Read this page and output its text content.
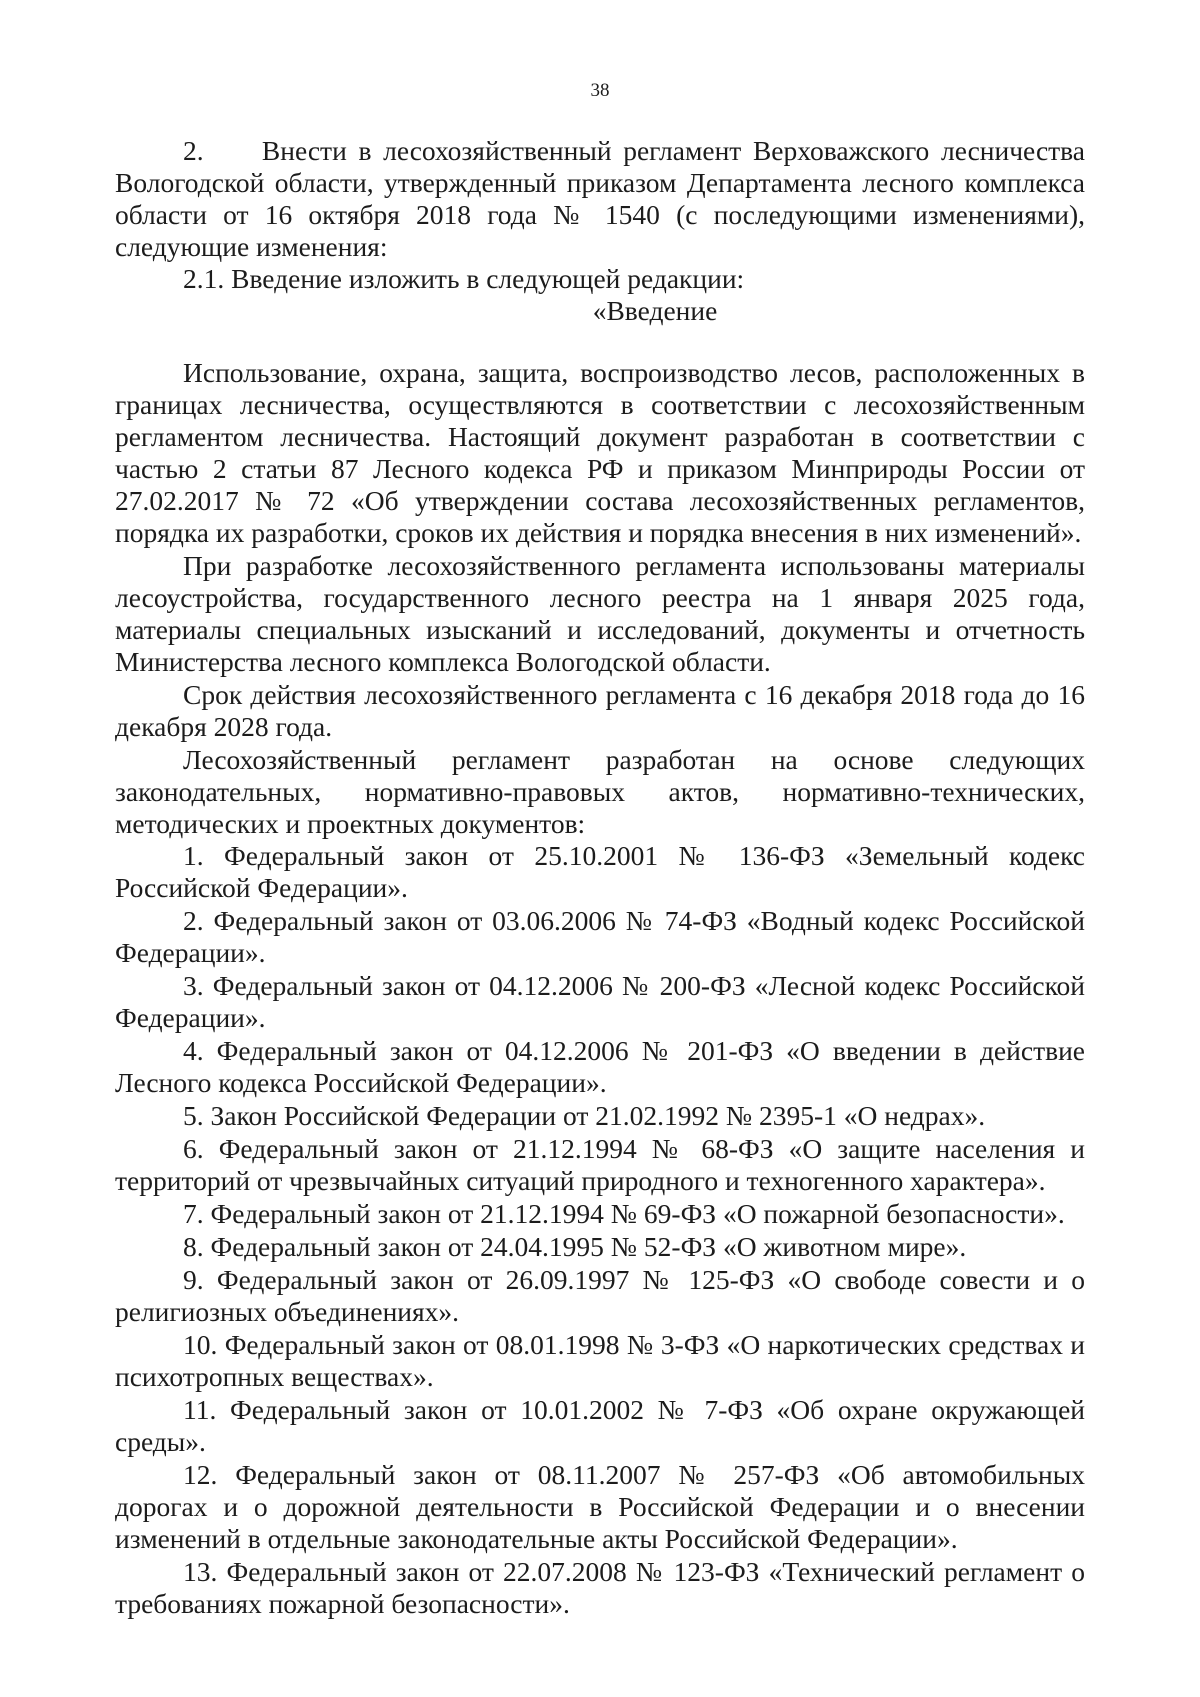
38

2.     Внести в лесохозяйственный регламент Верховажского лесничества Вологодской области, утвержденный приказом Департамента лесного комплекса области от 16 октября 2018 года № 1540 (с последующими изменениями), следующие изменения:

2.1. Введение изложить в следующей редакции:

«Введение

Использование, охрана, защита, воспроизводство лесов, расположенных в границах лесничества, осуществляются в соответствии с лесохозяйственным регламентом лесничества. Настоящий документ разработан в соответствии с частью 2 статьи 87 Лесного кодекса РФ и приказом Минприроды России от 27.02.2017 № 72 «Об утверждении состава лесохозяйственных регламентов, порядка их разработки, сроков их действия и порядка внесения в них изменений».

При разработке лесохозяйственного регламента использованы материалы лесоустройства, государственного лесного реестра на 1 января 2025 года, материалы специальных изысканий и исследований, документы и отчетность Министерства лесного комплекса Вологодской области.

Срок действия лесохозяйственного регламента с 16 декабря 2018 года до 16 декабря 2028 года.

Лесохозяйственный регламент разработан на основе следующих законодательных, нормативно-правовых актов, нормативно-технических, методических и проектных документов:

1. Федеральный закон от 25.10.2001 № 136-ФЗ «Земельный кодекс Российской Федерации».

2. Федеральный закон от 03.06.2006 № 74-ФЗ «Водный кодекс Российской Федерации».

3. Федеральный закон от 04.12.2006 № 200-ФЗ «Лесной кодекс Российской Федерации».

4. Федеральный закон от 04.12.2006 № 201-ФЗ «О введении в действие Лесного кодекса Российской Федерации».

5. Закон Российской Федерации от 21.02.1992 № 2395-1 «О недрах».

6. Федеральный закон от 21.12.1994 № 68-ФЗ «О защите населения и территорий от чрезвычайных ситуаций природного и техногенного характера».

7. Федеральный закон от 21.12.1994 № 69-ФЗ «О пожарной безопасности».

8. Федеральный закон от 24.04.1995 № 52-ФЗ «О животном мире».

9. Федеральный закон от 26.09.1997 № 125-ФЗ «О свободе совести и о религиозных объединениях».

10. Федеральный закон от 08.01.1998 № 3-ФЗ «О наркотических средствах и психотропных веществах».

11. Федеральный закон от 10.01.2002 № 7-ФЗ «Об охране окружающей среды».

12. Федеральный закон от 08.11.2007 № 257-ФЗ «Об автомобильных дорогах и о дорожной деятельности в Российской Федерации и о внесении изменений в отдельные законодательные акты Российской Федерации».

13. Федеральный закон от 22.07.2008 № 123-ФЗ «Технический регламент о требованиях пожарной безопасности».
